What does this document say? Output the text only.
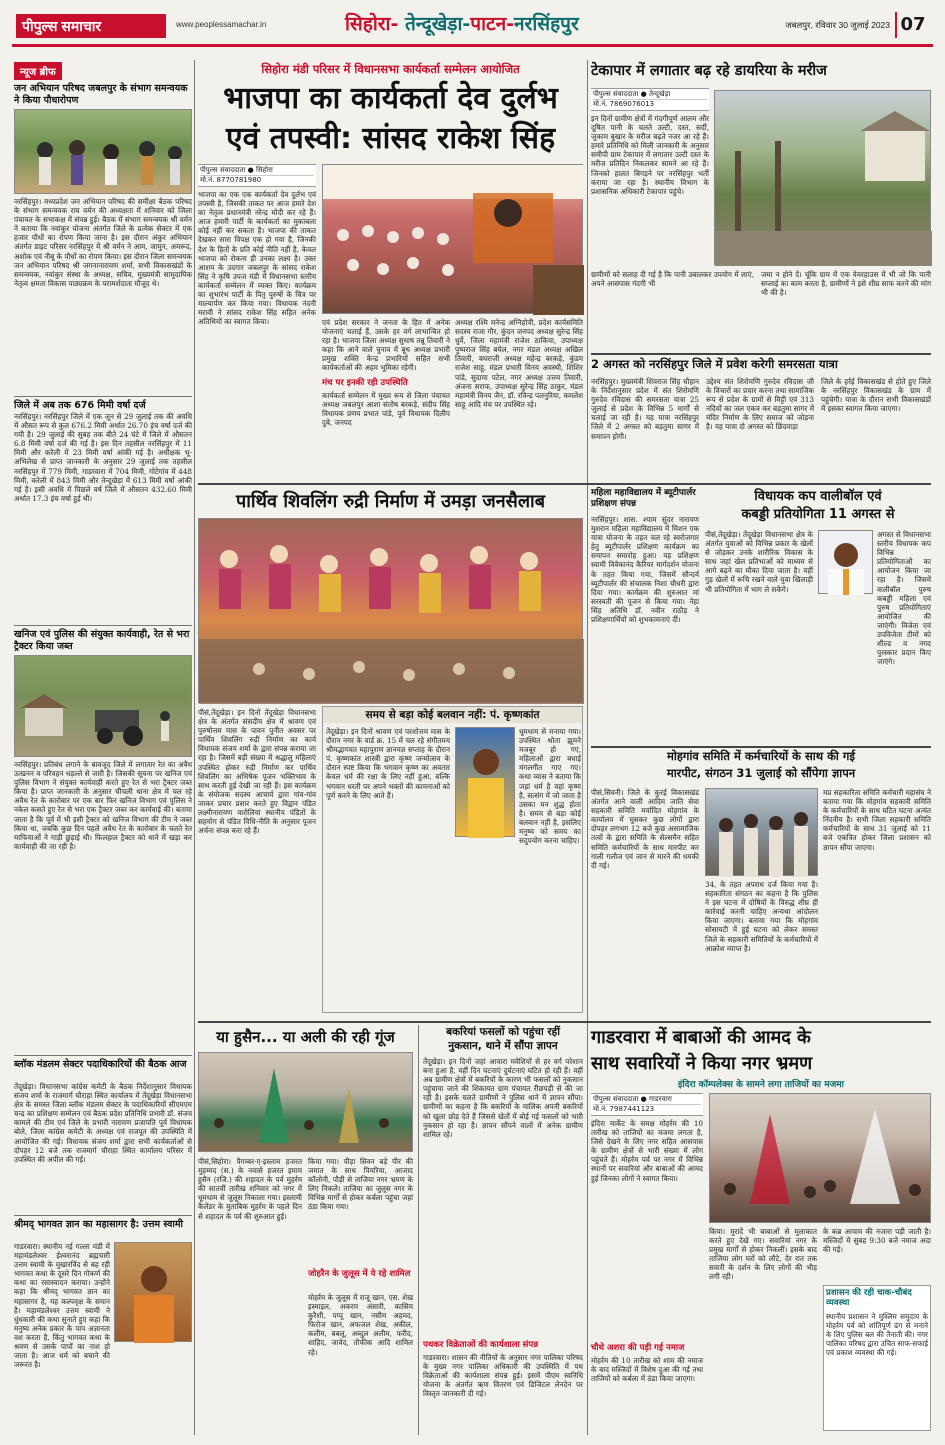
पीपुल्स समाचार	www.peoplessamachar.in	सिहोरा- तेन्दूखेड़ा-पाटन-नरसिंहपुर	जबलपुर, रविवार 30 जुलाई 2023 07
न्यूज ब्रीफ
जन अभियान परिषद जबलपुर के संभाग समन्वयक ने किया पौधारोपण
नरसिंहपुर। मध्यप्रदेश जन अभियान परिषद की समीक्षा बैठक परिषद के संभाग समन्वयक राघ वर्मन की अध्यक्षता में शनिवार को जिला पंचायत के सभाकक्ष में संपन्न हुई। बैठक में संभाग समन्वयक श्री वर्मन ने बताया कि नवांकुर योजना अंतर्गत जिले के प्रत्येक सेक्टर में एक हजार पौधों का रोपण किया जाना है। इस दौरान अंकुर अभियान अंतर्गत डाइट परिसर नरसिंहपुर में श्री वर्मन ने आम, जामुन, अमरूद, अशोक एवं नीबू के पौधों का रोपण किया। इस दौरान जिला समन्वयक जन अभियान परिषद श्री जगनानारायण शर्मा, सभी विकासखंडों के समन्वयक, नवांकुर संस्था के अध्यक्ष, सचिव, मुख्यमंत्री सामुदायिक नेतृत्व क्षमता विकास पाठ्यक्रम के परामर्शदाता मौजूद थे।
जिले में अब तक 676 मिमी वर्षा दर्ज
नरसिंहपुर। नरसिंहपुर जिले में एक जून से 29 जुलाई तक की अवधि में औसत रूप से कुल 676.2 मिमी अर्थात 26.70 इंच वर्षा दर्ज की गयी है। 29 जुलाई की सुबह तक बीते 24 घंटे में जिले में औसतन 6.8 मिमी वर्षा दर्ज की गई है। इस दिन तहसील नरसिंहपुर में 11 मिमी और करेली में 23 मिमी वर्षा आंकी गई है। अधीक्षक भू-अभिलेख से प्राप्त जानकारी के अनुसार 29 जुलाई तक तहसील नरसिंहपुर में 779 मिमी, गाडरवारा में 704 मिमी, गोटेगांव में 448 मिमी, करेली में 843 मिमी और तेन्दूखेड़ा में 613 मिमी वर्षा आंकी गई है। इसी अवधि में पिछले वर्ष जिले में औसतन 432.60 मिमी अर्थात 17.3 इंच वर्षा हुई थी।
खनिज एवं पुलिस की संयुक्त कार्यवाही, रेत से भरा ट्रैक्टर किया जब्त
नरसिंहपुर। प्रतिबंध लगाने के बावजूद जिले में लगातार रेत का अवैध उत्खनन व परिवहन धड़ल्ले से जारी है। जिसकी सूचना पर खनिज एवं पुलिस विभाग ने संयुक्त कार्यवाही करते हुए रेत से भरा ट्रैक्टर जब्त किया है। प्राप्त जानकारी के अनुसार चीचली थाना क्षेत्र में चल रहे अवैध रेत के कारोबार पर एक बार फिर खनिज विभाग एवं पुलिस ने नकेल कसते हुए रेत से भरा एक ट्रैक्टर जब्त कर कार्यवाई की। बताया जाता है कि पूर्व में भी इसी ट्रैक्टर को खनिज विभाग की टीम ने जब्त किया था, जबकि कुछ दिन पहले अवैध रेत के कारोबार के चलते रेत माफियाओं ने गाड़ी छुड़ाई थी। फिलहाल ट्रैक्टर को थाने में खड़ा कर कार्यवाही की जा रही है।
ब्लॉक मंडलम सेक्टर पदाधिकारियों की बैठक आज
तेंदूखेड़ा। विधानसभा कांग्रेस कमेटी के बैठक निर्देशानुसार विधायक संजय शर्मा के राजमार्ग चौराहा स्थित कार्यालय में तेंदूखेड़ा विधानसभा क्षेत्र के समस्त जिला ब्लॉक मंडलम सेक्टर के पदाधिकारियों सीएमएम चन्द्र का प्रशिक्षण सम्मेलन एवं बैठक प्रदेश प्रतिनिधि प्रभारी डॉ. संजय कामले की टीम एवं जिले के प्रभारी नारायण प्रजापति पूर्व विधायक बोले, जिला कांग्रेस कमेटी के अध्यक्ष एवं राजपूत की उपस्थिति में आयोजित की गई। विधायक संजय शर्मा द्वारा सभी कार्यकर्ताओं से दोपहर 12 बजे तक राजमार्ग चौराहा स्थित कार्यालय परिसर में उपस्थित की अपील की गई।
श्रीमद् भागवत ज्ञान का महासागर है: उत्तम स्वामी
गाडरवारा। स्थानीय नई गल्ला मंडी में महामंडलेश्वर ईश्वरानंद ब्रह्मचारी उत्तम स्वामी के मुखारविंद से बह रही भागवत कथा के दूसरे दिन गोकर्ण की कथा का रसास्वादन कराया। उन्होंने कहा कि श्रीमद् भागवत ज्ञान का महासागर है, यह कल्पवृक्ष के समान है। महामंडलेश्वर उत्तम स्वामी ने धुंधकारी की कथा सुनाते हुए कहा कि मनुष्य अनेक प्रकार के पाप अज्ञानता वश करता है, किंतु भागवत कथा के श्रवण से उसके पापों का नाश हो जाता है। आज धर्म को बचाने की जरूरत है।
सिहोरा मंडी परिसर में विधानसभा कार्यकर्ता सम्मेलन आयोजित
भाजपा का कार्यकर्ता देव दुर्लभ
एवं तपस्वी: सांसद राकेश सिंह
पीपुल्स संवाददाता ● सिहोरा
मो.नं. 8770781980
भाजपा का एक एक कार्यकर्ता देव दुर्लभ एवं तपस्वी है, जिसकी ताकत पर आज हमारे देश का नेतृत्व प्रधानमंत्री नरेन्द्र मोदी कर रहे हैं। आज हमारी पार्टी के कार्यकर्ता का मुकाबला कोई नहीं कर सकता है। भाजपा की ताकत देखकर सारा विपक्ष एक हो गया है, जिनकी देश के हितों के प्रति कोई नीति नहीं है, केवल भाजपा को रोकना ही उनका लक्ष्य है। उक्त आशय के उदगार जबलपुर के सांसद राकेश सिंह ने कृषि उपज मंडी में विधानसभा स्तरीय कार्यकर्ता सम्मेलन में व्यक्त किए। कार्यक्रम का शुभारंभ पार्टी के पितृ पुरुषों के चित्र पर माल्यार्पण कर किया गया। विधायक नंदनी मरावी ने सांसद राकेश सिंह सहित अनेक अतिथियों का स्वागत किया।	एवं प्रदेश सरकार ने जनता के हित में अनेक योजनाएं चलाई हैं, उसके हर वर्ग लाभान्वित हो रहा है। भाजपा जिला अध्यक्ष सुधाष तन्नू तिवारी ने कहा कि आने वाले चुनाव में बूथ अध्यक्ष प्रभारी प्रमुख शक्ति केन्द्र प्रभारियों सहित सभी कार्यकर्ताओं की अहम भूमिका रहेगी।
मंच पर इनकी रही उपस्थिति
कार्यकर्ता सम्मेलन में मुख्य रूप से जिला पंचायत अध्यक्ष जबलपुर आशा संतोष बरकड़े, संदीप सिंह विधायक प्रणय प्रभात पांडे, पूर्व विधायक दिलीप दुबे, जनपद
अध्यक्ष रश्मि मनेन्द्र अग्निहोत्री, प्रदेश कार्यसमिति सदस्य राजा गौर, कुंदन जनपद अध्यक्ष सुरेन्द्र सिंह धुर्वे, जिला महामंत्री राजेश ठाकिया, उपाध्यक्ष पुष्पराज सिंह बघेल, नगर मंडल अध्यक्ष अखिल तिवारी, बघराजी अध्यक्ष महेन्द्र बरकड़े, कुंडम राजेश साहू, मंडल प्रभारी विनय अवस्थी, शिशिर पांडे, सुदामा पटेल, नगर अध्यक्ष उत्तम तिवारी, अंजना सराफ, उपाध्यक्ष सुरेन्द्र सिंह ठाकुर, मंडल महामंत्री विनय जैन, डॉ. रविन्द्र पलनुरिया, कमलेश साहू आदि मंच पर उपस्थित रहे।
टेकापार में लगातार बढ़ रहे डायरिया के मरीज
पीपुल्स संवाददाता ● तेन्दूखेड़ा
मो.नं. 7869076013
इन दिनों ग्रामीण क्षेत्रों में गंदगीपूर्ण आलम और दूषित पानी के चलते उल्टी, दस्त, सर्दी, जुकाम बुखार के मरीज बढ़ते नजर आ रहे हैं। हमारे प्रतिनिधि को मिली जानकारी के अनुसार समीपी ग्राम टेकापार में लगातार उल्टी दस्त के मरीज प्रतिदिन निकलकर सामने आ रहे हैं। जिनको हालत बिगड़ने पर नरसिंहपुर भर्ती कराया जा रहा है। स्थानीय विभाग के प्रशासनिक अधिकारी टेकापार पहुंचे।
ग्रामीणों को सलाह दी गई है कि पानी उबालकर उपयोग में लाएं, अपने आसपास गंदगी भी
जमा न होने दें। चूंकि ग्राम में एक वेयरहाउस में भी जो कि पानी सप्लाई का काम करता है, ग्रामीणों ने इसे शीघ्र साफ करने की मांग भी की है।
2 अगस्त को नरसिंहपुर जिले में प्रवेश करेगी समरसता यात्रा
नरसिंहपुर। मुख्यमंत्री शिवराज सिंह चौहान के निर्देशानुसार प्रदेश में संत शिरोमणि गुरुदेव रविदास की समरसता यात्रा 25 जुलाई से प्रदेश के विभिन्न 5 मार्गों से चलाई जा रही है। यह यात्रा नरसिंहपुर जिले में 2 अगस्त को बड़तुमा सागर में समापन होगी।
उद्देश्य संत शिरोमणि गुरुदेव रविदास जी के विचारों का प्रचार करना तथा सामाजिक रूप से प्रदेश के ग्रामों से मिट्टी एवं 313 नदियों का जल एकत्र कर बड़तुमा सागर में मंदिर निर्माण के लिए समाज को जोड़ना है। यह यात्रा दो अगस्त को छिंदवाड़ा
जिले के हर्रई विकासखंड से होते हुए जिले के नरसिंहपुर विकासखंड के ग्राम में पहुंचेगी। यात्रा के दौरान सभी विकासखंडों में इसका स्वागत किया जाएगा।
पार्थिव शिवलिंग रुद्री निर्माण में उमड़ा जनसैलाब
पीसं,तेंदूखेड़ा। इन दिनों तेंदूखेड़ा विधानसभा क्षेत्र के अंतर्गत संसदीय क्षेत्र में श्रावण एवं पुरुषोत्तम मास के पावन पुनीत अवसर पर पार्थिव शिवलिंग रुद्री निर्माण का कार्य विधायक संजय शर्मा के द्वारा संपन्न कराया जा रहा है। जिसमें बड़ी संख्या में श्रद्धालु महिलाएं उपस्थित होकर रुद्री निर्माण कर पार्थिव शिवलिंग का अभिषेक पूजन भक्तिभाव के साथ करती हुई देखी जा रही हैं। इस कार्यक्रम के संयोजक सदस्य आचार्य द्वारा गांव-गांव जाकर प्रचार प्रसार करते हुए विद्वान पंडित लक्ष्मीनारायण वारोलिया स्थानीय पंडितों के सहयोग से पंडित विधि-नीति के अनुसार पूजन अर्चना संपन्न करा रहे हैं।
समय से बड़ा कोई बलवान नहीं: पं. कृष्णकांत
तेंदूखेड़ा। इन दिनों श्रावण एवं परशोत्तम मास के दौरान नगर के वार्ड क्र. 15 में चल रहे संगीतमय श्रीमद्भागवत महापुराण ज्ञानयज्ञ सप्ताह के दौरान पं. कृष्णकांत शास्त्री द्वारा कृष्ण जन्मोत्सव के दौरान स्पष्ट किया कि भगवान कृष्ण का अवतार केवल धर्म की रक्षा के लिए नहीं हुआ, बल्कि भगवान धरती पर अपने भक्तों की कामनाओं को पूर्ण करने के लिए आते हैं।
धूमधाम से मनाया गया। उपस्थित श्रोता झूमने मजबूर हो गए, महिलाओं द्वारा बधाई मंगलगीत गाए गए। कथा व्यास ने बताया कि जहां धर्म है वहां कृष्ण है, सत्संग में जो जाता है उसका मन शुद्ध होता है। समय से बड़ा कोई बलवान नहीं है, इसलिए मनुष्य को समय का सदुपयोग करना चाहिए।
महिला महाविद्यालय में ब्यूटीपार्लर प्रशिक्षण संपन्न
नरसिंहपुर। शास. श्याम सुंदर नारायण मुशरान महिला महाविद्यालय में मिशन एक यात्रा योजना के तहत चल रहे स्वरोजगार हेतु ब्यूटीपार्लर प्रशिक्षण कार्यक्रम का समापन समारोह हुआ। यह प्रशिक्षण स्वामी विवेकानंद कैरियर मार्गदर्शन योजना के तहत किया गया, जिसमें सौन्दर्य ब्यूटीपार्लर की संचालक निशा चौधरी द्वारा दिया गया। कार्यक्रम की शुरुआत मां सरस्वती की पूजन से किया गया। नेहा सिंह अतिथि डॉ. नवीन राठौड़ ने प्रशिक्षणार्थियों को शुभकामनाएं दीं।
विधायक कप वालीबॉल एवं
कबड्डी प्रतियोगिता 11 अगस्त से
पीसं,तेंदूखेड़ा। तेंदूखेड़ा विधानसभा क्षेत्र के अंतर्गत युवाओं को विभिन्न प्रकार के खेलों से जोड़कर उनके शारीरिक विकास के साथ जहां खेल प्रतिभाओं को माध्यम से आगे बढ़ने का मौका दिया जाता है। वहीं गुड़ खेलों में रूचि रखने वाले युवा खिलाड़ी भी प्रतियोगिता में भाग ले सकेंगे।
अगस्त से विधानसभा स्तरीय विधायक कप विभिन्न प्रतियोगिताओं का आयोजन किया जा रहा है। जिसमें वालीबॉल पुरुष कबड्डी महिला एवं पुरुष प्रतियोगिताएं आयोजित की जाएंगी। विजेता एवं उपविजेता टीमों को शील्ड व नगद पुरस्कार प्रदान किए जाएंगे।
मोहगांव समिति में कर्मचारियों के साथ की गई
मारपीट, संगठन 31 जुलाई को सौंपेगा ज्ञापन
पीसं,सिवनी। जिले के कुरई विकासखंड अंतर्गत आने वाली आदिम जाति सेवा सहकारी समिति मर्यादित मोहगांव के कार्यालय में घुसकर कुछ लोगों द्वारा दोपहर लगभग 12 बजे कुछ असामाजिक तत्वों के द्वारा समिति के सेल्समैन सहित समिति कर्मचारियों के साथ मारपीट कर गाली गलौज एवं जान से मारने की धमकी दी गई।
34, के तहत अपराध दर्ज किया गया है। सहकारिता संगठन का कहना है कि पुलिस ने इस घटना में दोषियों के विरुद्ध शीघ्र ही कार्रवाई करनी चाहिए अन्यथा आंदोलन किया जाएगा। बताया गया कि मोहगांव सोसायटी में हुई घटना को लेकर समस्त जिले के सहकारी समितियों के कर्मचारियों में आक्रोश व्याप्त है।
मप्र सहकारिता समिति कर्मचारी महासंघ ने बताया गया कि मोहगांव सहकारी समिति के कर्मचारियों के साथ घटित घटना अत्यंत निंदनीय है। सभी जिला सहकारी समिति कर्मचारियों के साथ 31 जुलाई को 11 बजे एकत्रित होकर जिला प्रशासन को ज्ञापन सौंपा जाएगा।
या हुसैन... या अली की रही गूंज
पीसं,सिहोरा। पैगम्बर-ए-इस्लाम हजरत मुहम्मद (स.) के नवासे हजरत इमाम हुसैन (रजि.) की शहादत के पर्व मुहर्रम की सातवीं तारीख शनिवार को नगर में धूमधाम से जुलूस निकाला गया। इस्लामी कैलेंडर के मुताबिक मुहर्रम के पहले दिन से शहादत के पर्व की शुरुआत हुई।
किया गया। पीड़ा सिवन बड़े पीर की जमात के साथ पियरिया, आजाद कॉलोनी, पौड़ी से ताजिया नगर भ्रमण के लिए निकले। ताजिया का जुलूस नगर के विभिन्न मार्गों से होकर कर्बला पहुंचा जहां ठंडा किया गया।
जोहरैन के जुलूस में ये रहे शामिल
मोहर्रम के जुलूस में राजू खान, एस. शेख इस्माइल, अकरम अंसारी, कासिम कुरैशी, पप्पू खान, नसीम अहमद, फिरोज खान, अफजल शेख, अकील, कलीम, बबलू, अब्दुल अलीम, फरीद, शाहिद, जावेद, तौफीक आदि शामिल रहे।
बकरियां फसलों को पहुंचा रहीं
नुकसान, थाने में सौंपा ज्ञापन
तेंदूखेड़ा। इन दिनों जहां आवारा मवेशियों से हर वर्ग परेशान बना हुआ है, वहीं दिन घटनाएं दुर्घटनाएं घटित हो रही हैं। वहीं अब ग्रामीण क्षेत्रों में बकरियों के कारण भी फसलों को नुकसान पहुंचाया जाने की शिकायत ग्राम पंचायत रीछपड़ी से की जा रही है। इसके चलते ग्रामीणों ने पुलिस थाने में ज्ञापन सौंपा। ग्रामीणों का कहना है कि बकरियों के मालिक अपनी बकरियों को खुला छोड़ देते हैं जिससे खेतों में बोई गई फसलों को भारी नुकसान हो रहा है। ज्ञापन सौंपने वालों में अनेक ग्रामीण शामिल रहे।
पथकर विक्रेताओं की कार्यशाला संपन्न
गाडरवारा। शासन की नीतियों के अनुसार नगर पालिका परिषद के मुख्य नगर पालिका अधिकारी की उपस्थिति में पथ विक्रेताओं की कार्यशाला संपन्न हुई। इसमें पीएम स्वनिधि योजना के अंतर्गत ऋण वितरण एवं डिजिटल लेनदेन पर विस्तृत जानकारी दी गई।
गाडरवारा में बाबाओं की आमद के
साथ सवारियों ने किया नगर भ्रमण
इंदिरा कॉम्पलेक्स के सामने लगा ताजियों का मजमा
पीपुल्स संवाददाता ● गाडरवारा
मो.नं. 7987441123
इंदिरा मार्केट के समक्ष मोहर्रम की 10 तारीख को ताजियों का मजमा लगता है, जिसे देखने के लिए नगर सहित आसपास के ग्रामीण क्षेत्रों से भारी संख्या में लोग पहुंचते हैं। मोहर्रम पर्व पर नगर में विभिन्न स्थानों पर सवारियां और बाबाओं की आमद हुई जिनका लोगों ने स्वागत किया।
चौथे अशरा की पड़ी गई नमाज
मोहर्रम की 10 तारीख को शाम की नमाज के बाद मस्जिदों में विशेष दुआ की गई तथा ताजियों को कर्बला में ठंडा किया जाएगा।
किया। मुरादें भी बाबाओं से मुलाकात करते हुए देखे गए। सवारियां नगर के प्रमुख मार्गों से होकर निकलीं। इसके बाद ताजिया लोग घरों को लौटे, देर रात तक सवारी के दर्शन के लिए लोगों की भीड़ लगी रही।
के कब्र आयाम की नजारा पड़ी जाती है। मस्जिदों में सुबह 9:30 बजे नमाज अदा की गई।
प्रशासन की रही चाक-चौबंद व्यवस्था
स्थानीय प्रशासन ने मुस्लिम समुदाय के मोहर्रम पर्व को शांतिपूर्ण ढंग से मनाने के लिए पुलिस बल की तैनाती की। नगर पालिका परिषद द्वारा उचित साफ-सफाई एवं प्रकाश व्यवस्था की गई।
